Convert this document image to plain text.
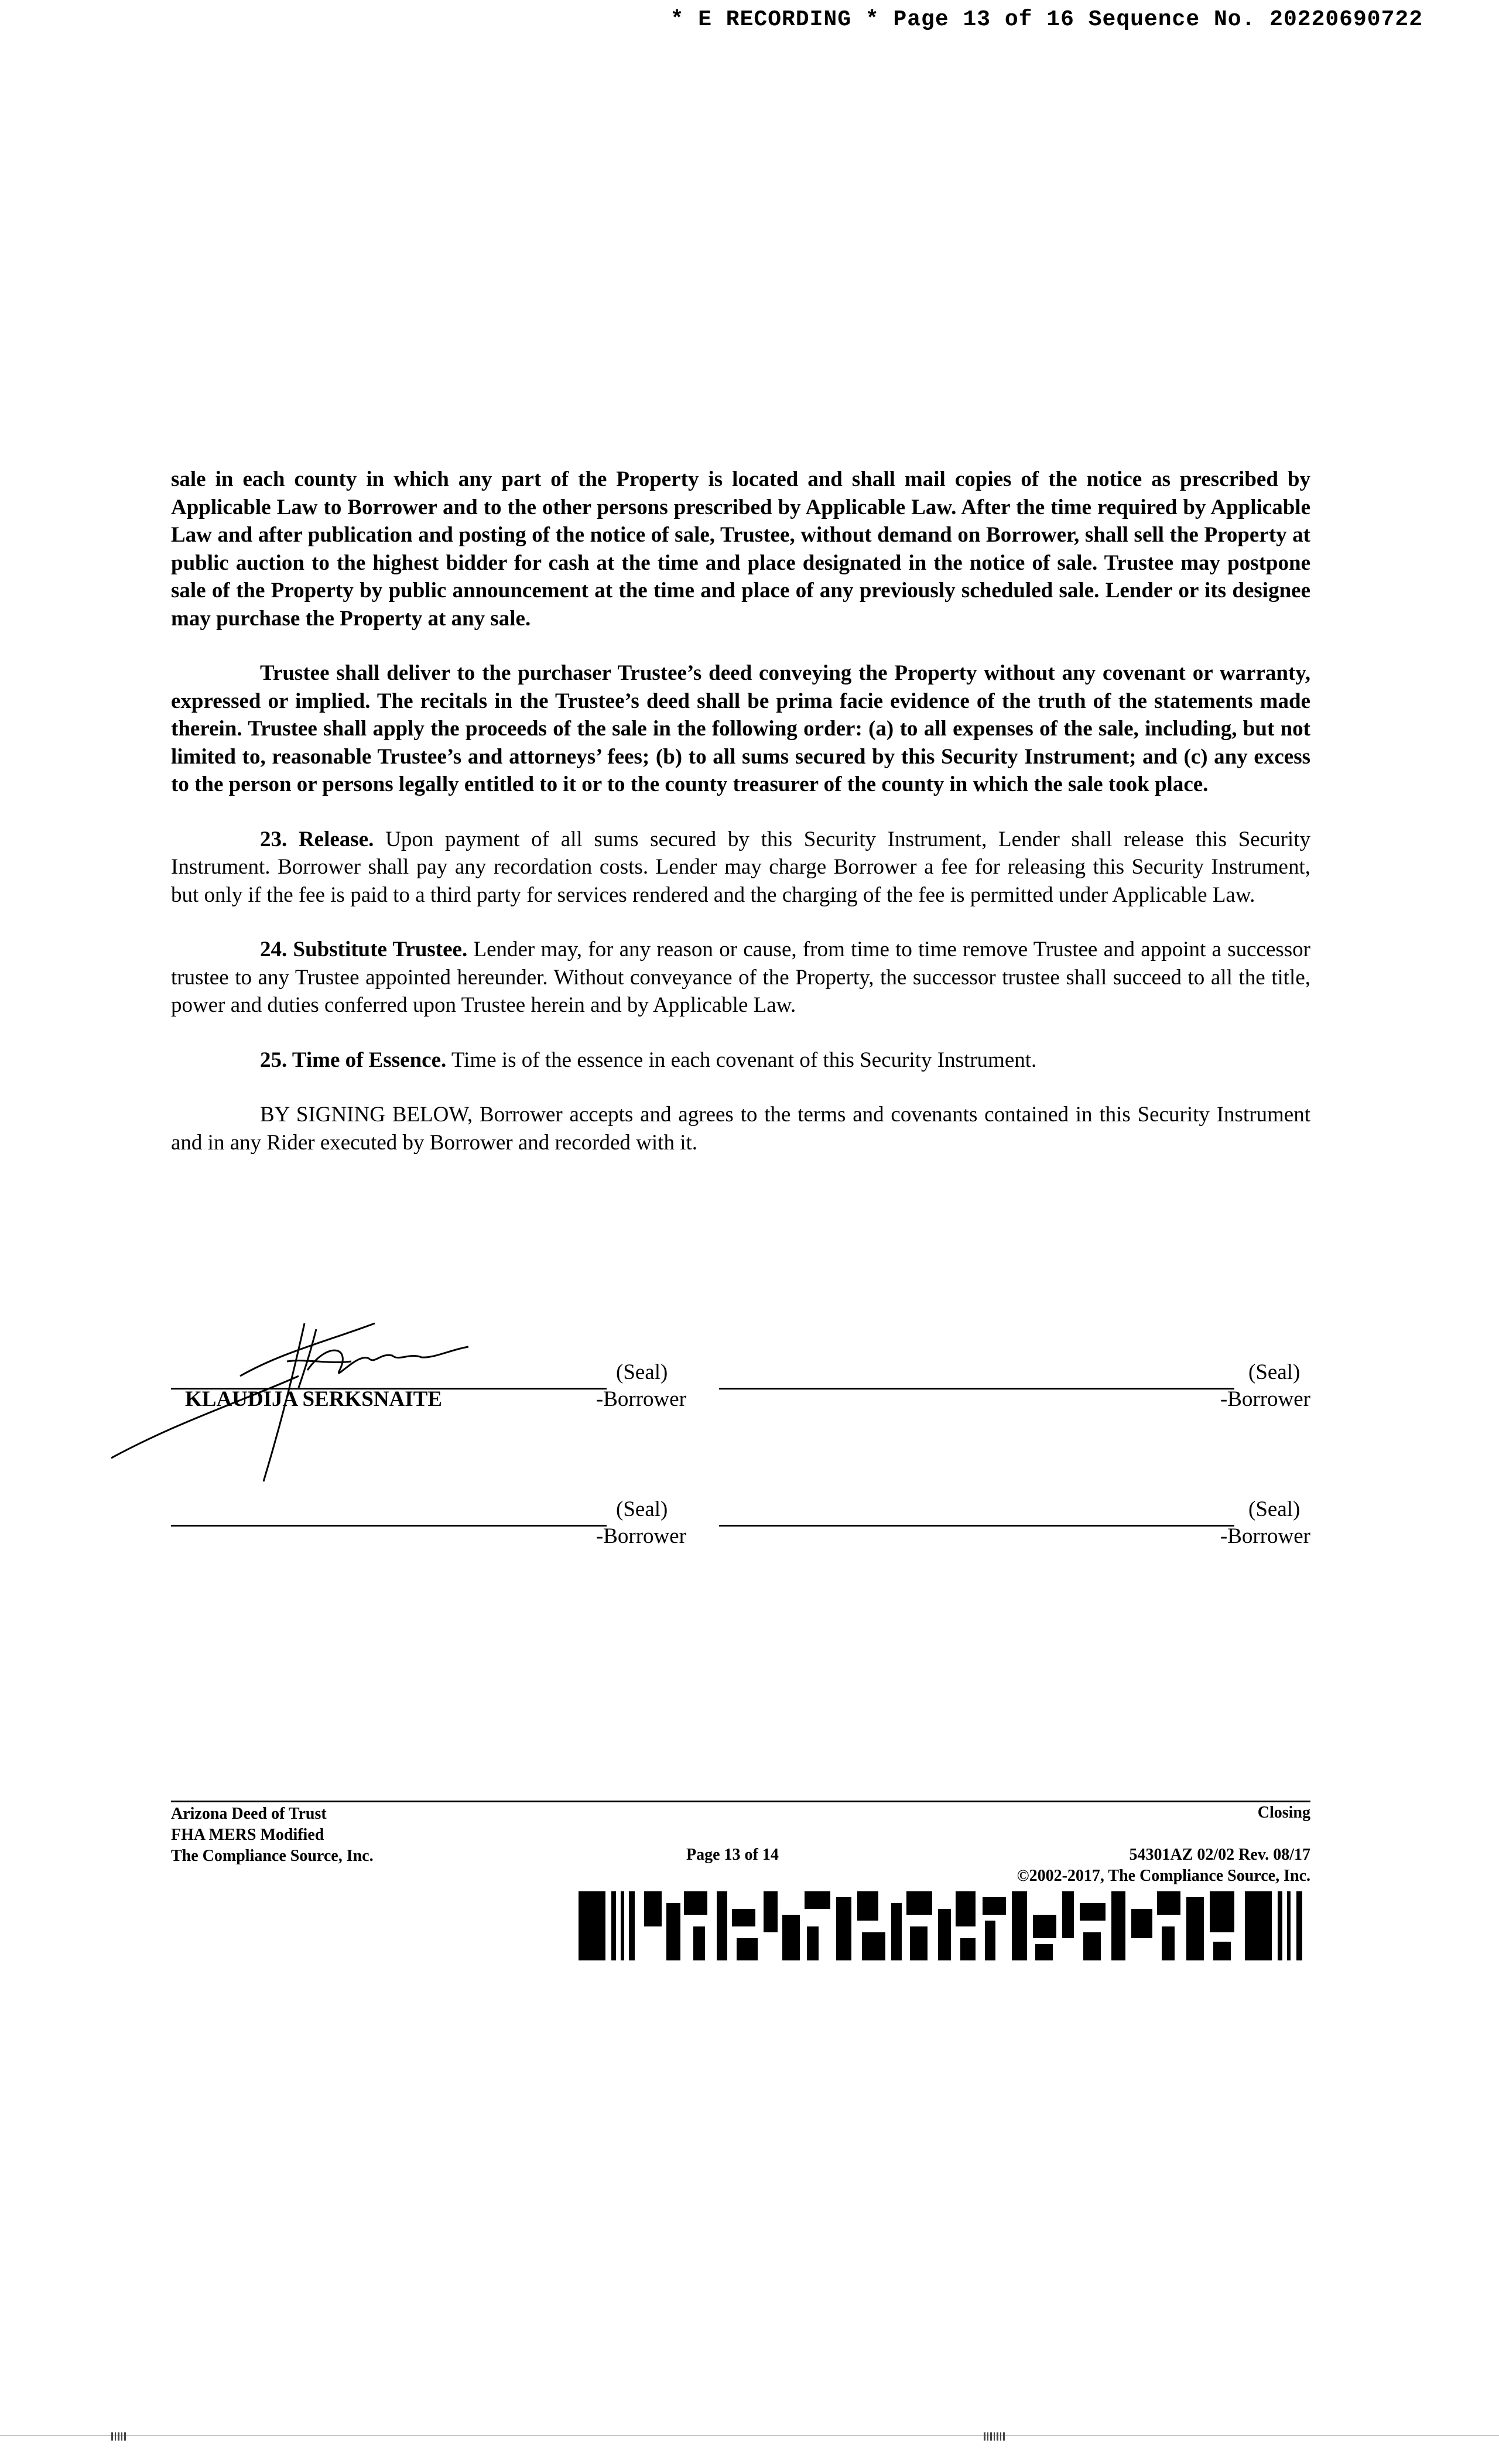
* E RECORDING * Page 13 of 16 Sequence No. 20220690722

sale in each county in which any part of the Property is located and shall mail copies of the notice as prescribed by Applicable Law to Borrower and to the other persons prescribed by Applicable Law. After the time required by Applicable Law and after publication and posting of the notice of sale, Trustee, without demand on Borrower, shall sell the Property at public auction to the highest bidder for cash at the time and place designated in the notice of sale. Trustee may postpone sale of the Property by public announcement at the time and place of any previously scheduled sale. Lender or its designee may purchase the Property at any sale.

Trustee shall deliver to the purchaser Trustee’s deed conveying the Property without any covenant or warranty, expressed or implied. The recitals in the Trustee’s deed shall be prima facie evidence of the truth of the statements made therein. Trustee shall apply the proceeds of the sale in the following order: (a) to all expenses of the sale, including, but not limited to, reasonable Trustee’s and attorneys’ fees; (b) to all sums secured by this Security Instrument; and (c) any excess to the person or persons legally entitled to it or to the county treasurer of the county in which the sale took place.

23. Release. Upon payment of all sums secured by this Security Instrument, Lender shall release this Security Instrument. Borrower shall pay any recordation costs. Lender may charge Borrower a fee for releasing this Security Instrument, but only if the fee is paid to a third party for services rendered and the charging of the fee is permitted under Applicable Law.

24. Substitute Trustee. Lender may, for any reason or cause, from time to time remove Trustee and appoint a successor trustee to any Trustee appointed hereunder. Without conveyance of the Property, the successor trustee shall succeed to all the title, power and duties conferred upon Trustee herein and by Applicable Law.

25. Time of Essence. Time is of the essence in each covenant of this Security Instrument.

BY SIGNING BELOW, Borrower accepts and agrees to the terms and covenants contained in this Security Instrument and in any Rider executed by Borrower and recorded with it.

(Seal)
KLAUDIJA SERKSNAITE	-Borrower
(Seal)
-Borrower
(Seal)
-Borrower
(Seal)
-Borrower
Arizona Deed of Trust
FHA MERS Modified
The Compliance Source, Inc.
Closing
Page 13 of 14	54301AZ 02/02 Rev. 08/17
©2002-2017, The Compliance Source, Inc.
